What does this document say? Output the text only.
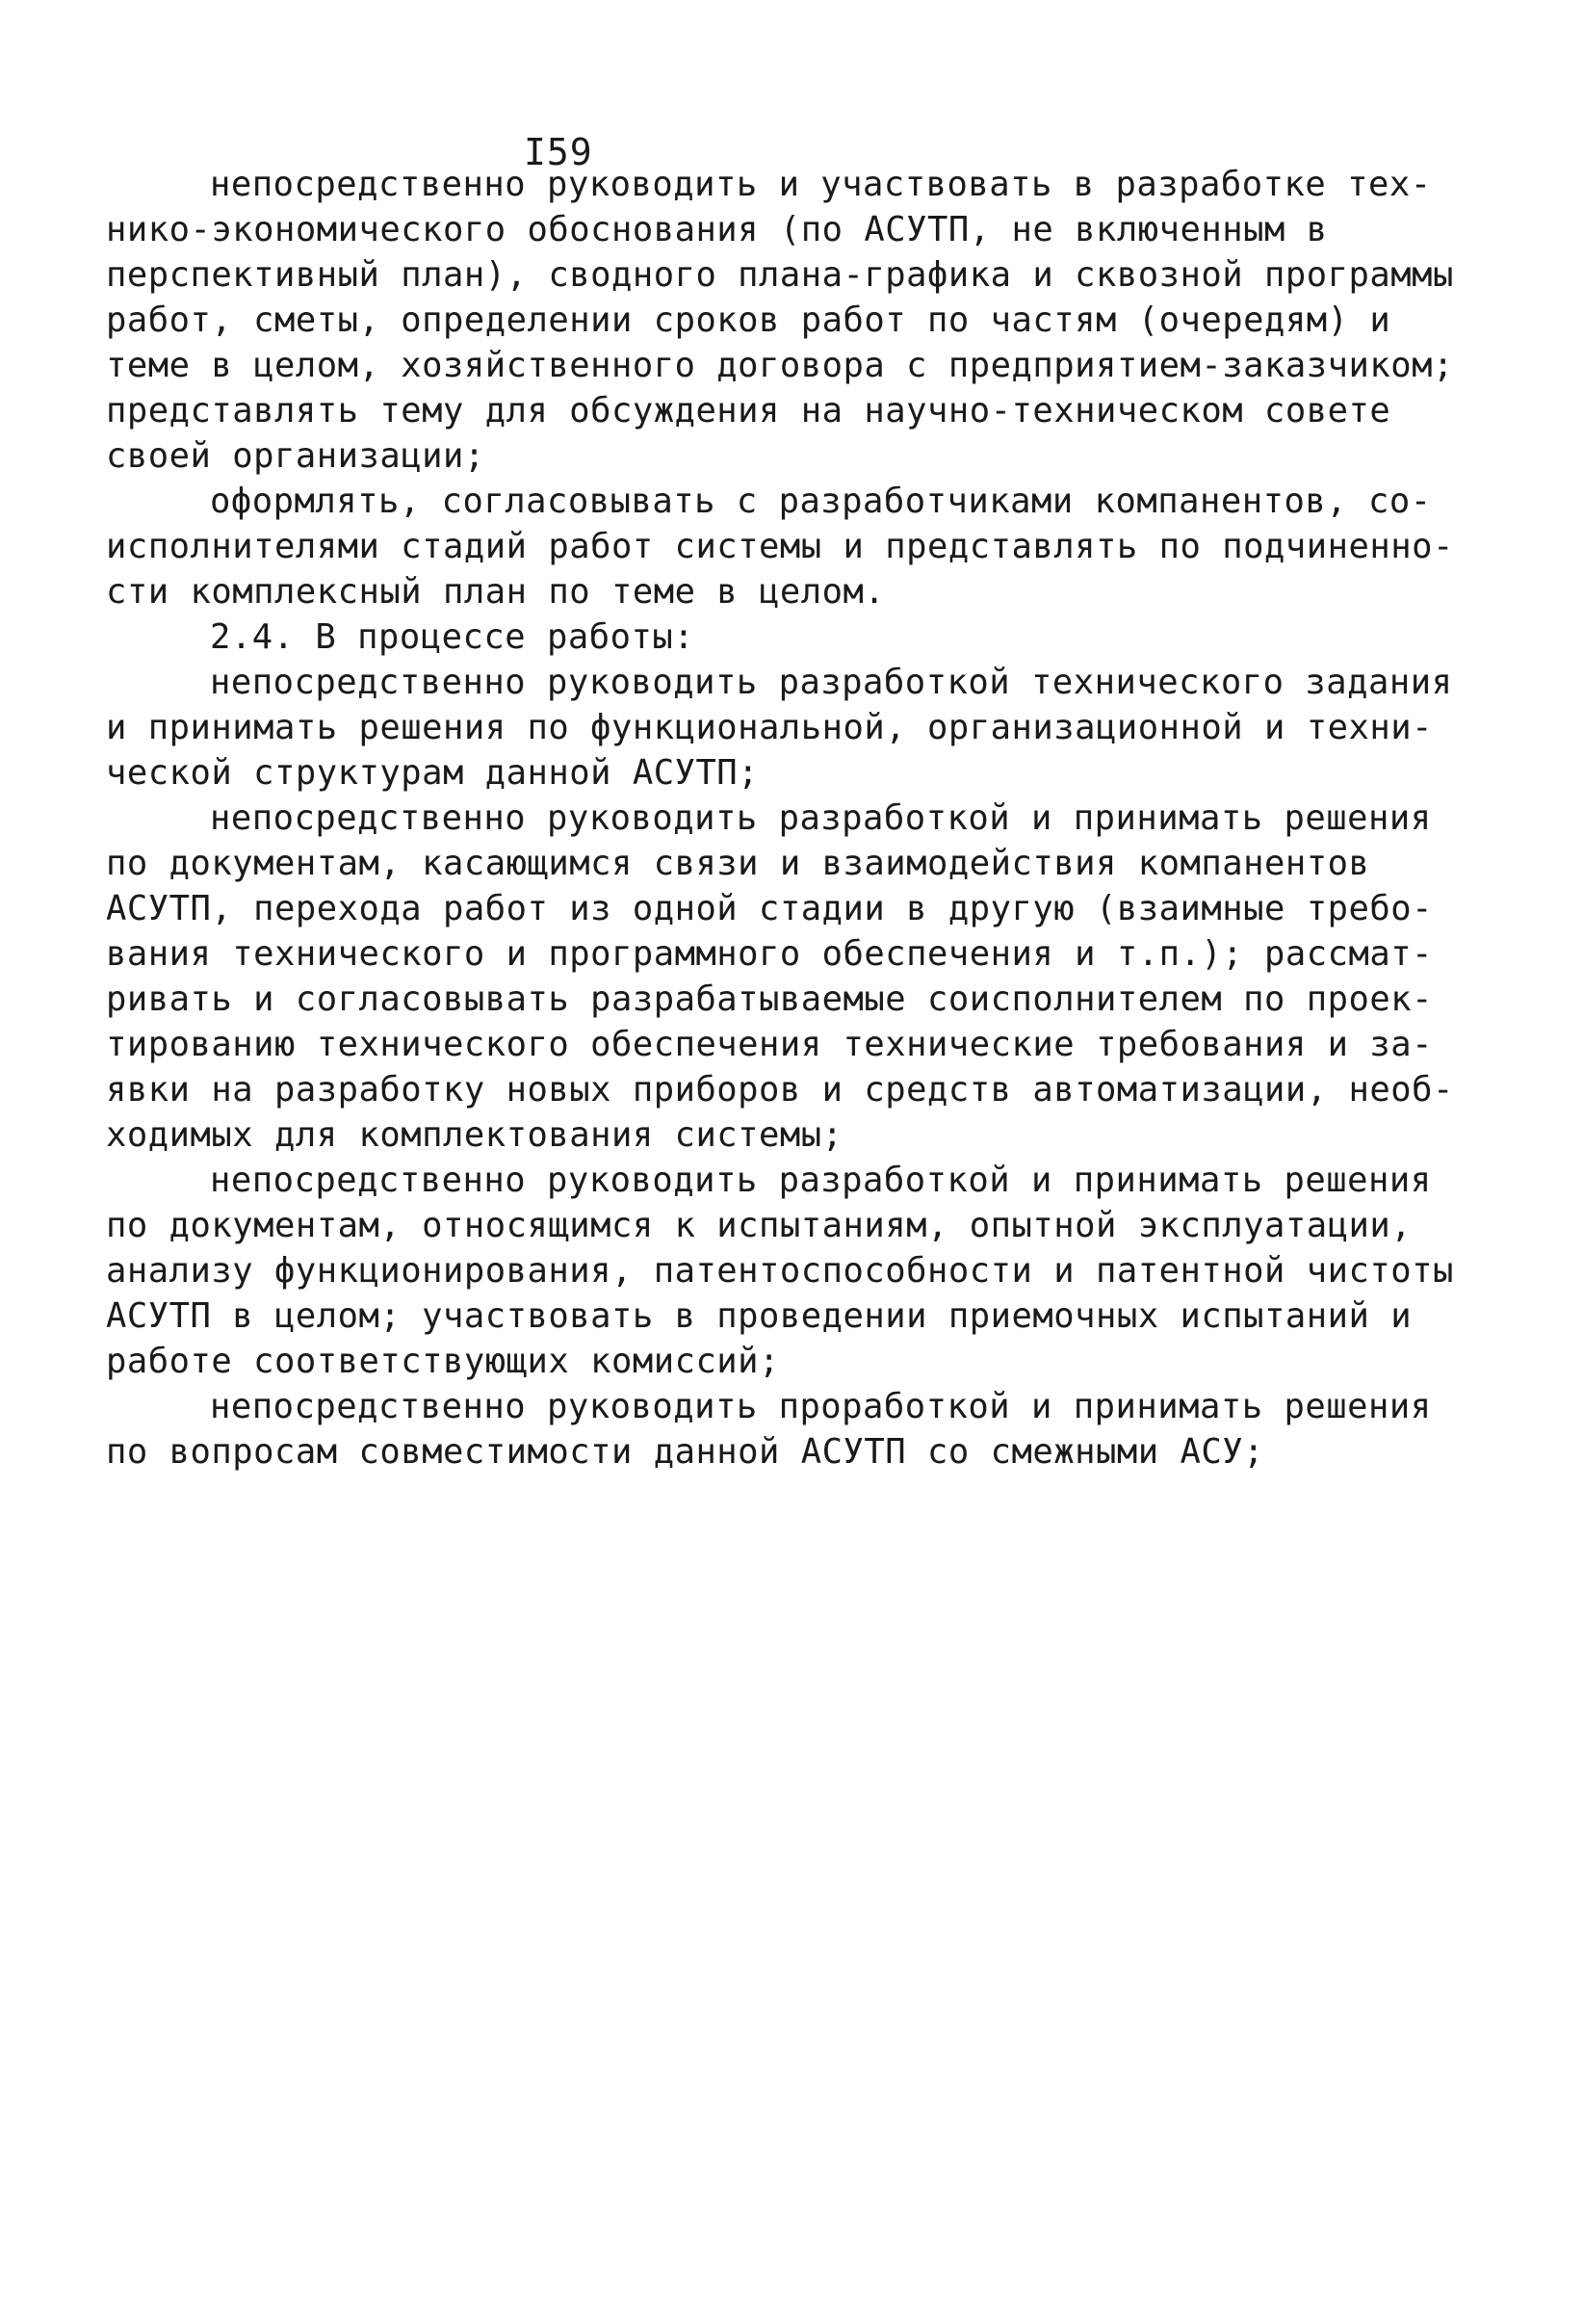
I59
непосредственно руководить и участвовать в разработке тех-
нико-экономического обоснования (по АСУТП, не включенным в
перспективный план), сводного плана-графика и сквозной программы
работ, сметы, определении сроков работ по частям (очередям) и
теме в целом, хозяйственного договора с предприятием-заказчиком;
представлять тему для обсуждения на научно-техническом совете
своей организации;
оформлять, согласовывать с разработчиками компанентов, со-
исполнителями стадий работ системы и представлять по подчиненно-
сти комплексный план по теме в целом.
2.4. В процессе работы:
непосредственно руководить разработкой технического задания
и принимать решения по функциональной, организационной и техни-
ческой структурам данной АСУТП;
непосредственно руководить разработкой и принимать решения
по документам, касающимся связи и взаимодействия компанентов
АСУТП, перехода работ из одной стадии в другую (взаимные требо-
вания технического и программного обеспечения и т.п.); рассмат-
ривать и согласовывать разрабатываемые соисполнителем по проек-
тированию технического обеспечения технические требования и за-
явки на разработку новых приборов и средств автоматизации, необ-
ходимых для комплектования системы;
непосредственно руководить разработкой и принимать решения
по документам, относящимся к испытаниям, опытной эксплуатации,
анализу функционирования, патентоспособности и патентной чистоты
АСУТП в целом; участвовать в проведении приемочных испытаний и
работе соответствующих комиссий;
непосредственно руководить проработкой и принимать решения
по вопросам совместимости данной АСУТП со смежными АСУ;
